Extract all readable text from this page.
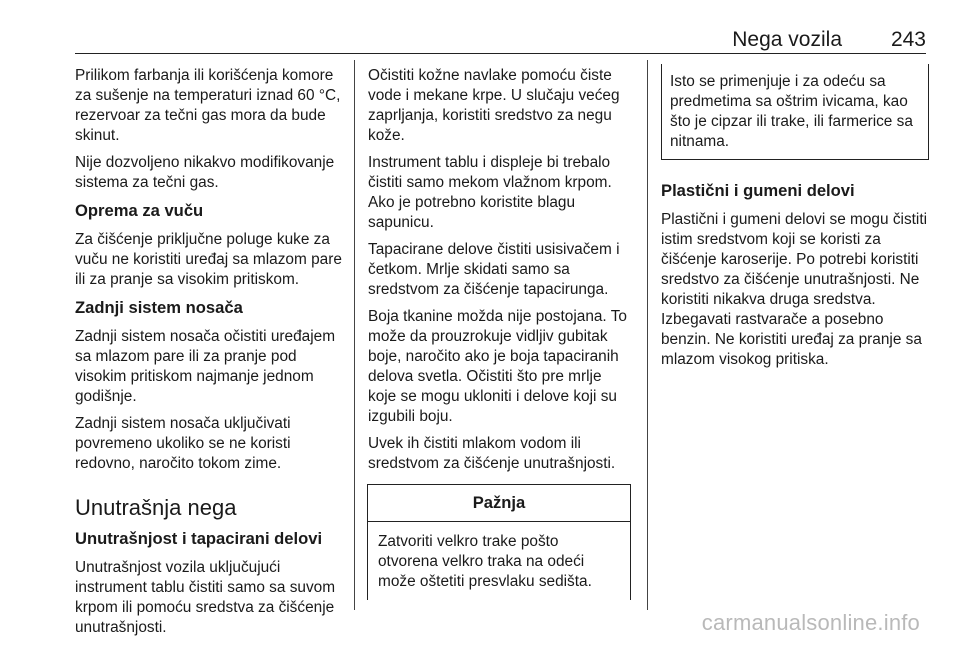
Nega vozila 243

Prilikom farbanja ili korišćenja komore za sušenje na temperaturi iznad 60 °C, rezervoar za tečni gas mora da bude skinut.

Nije dozvoljeno nikakvo modifikovanje sistema za tečni gas.

Oprema za vuču

Za čišćenje priključne poluge kuke za vuču ne koristiti uređaj sa mlazom pare ili za pranje sa visokim pritiskom.

Zadnji sistem nosača

Zadnji sistem nosača očistiti uređajem sa mlazom pare ili za pranje pod visokim pritiskom najmanje jednom godišnje.

Zadnji sistem nosača uključivati povremeno ukoliko se ne koristi redovno, naročito tokom zime.

Unutrašnja nega
Unutrašnjost i tapacirani delovi

Unutrašnjost vozila uključujući instrument tablu čistiti samo sa suvom krpom ili pomoću sredstva za čišćenje unutrašnjosti.

Očistiti kožne navlake pomoću čiste vode i mekane krpe. U slučaju većeg zaprljanja, koristiti sredstvo za negu kože.

Instrument tablu i displeje bi trebalo čistiti samo mekom vlažnom krpom. Ako je potrebno koristite blagu sapunicu.

Tapacirane delove čistiti usisivačem i četkom. Mrlje skidati samo sa sredstvom za čišćenje tapacirunga.

Boja tkanine možda nije postojana. To može da prouzrokuje vidljiv gubitak boje, naročito ako je boja tapaciranih delova svetla. Očistiti što pre mrlje koje se mogu ukloniti i delove koji su izgubili boju.

Uvek ih čistiti mlakom vodom ili sredstvom za čišćenje unutrašnjosti.

Pažnja
Zatvoriti velkro trake pošto otvorena velkro traka na odeći može oštetiti presvlaku sedišta.
Isto se primenjuje i za odeću sa predmetima sa oštrim ivicama, kao što je cipzar ili trake, ili farmerice sa nitnama.
Plastični i gumeni delovi

Plastični i gumeni delovi se mogu čistiti istim sredstvom koji se koristi za čišćenje karoserije. Po potrebi koristiti sredstvo za čišćenje unutrašnjosti. Ne koristiti nikakva druga sredstva. Izbegavati rastvarače a posebno benzin. Ne koristiti uređaj za pranje sa mlazom visokog pritiska.

carmanualsonline.info
